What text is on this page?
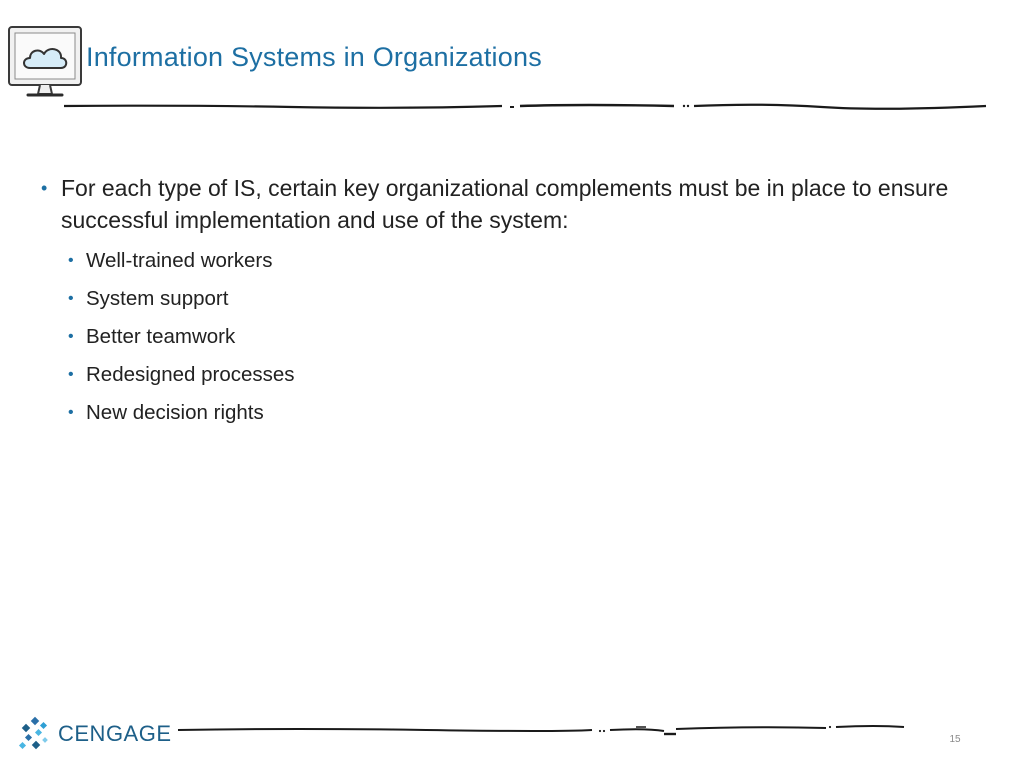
Information Systems in Organizations
• For each type of IS, certain key organizational complements must be in place to ensure successful implementation and use of the system:
• Well-trained workers
• System support
• Better teamwork
• Redesigned processes
• New decision rights
CENGAGE	15
